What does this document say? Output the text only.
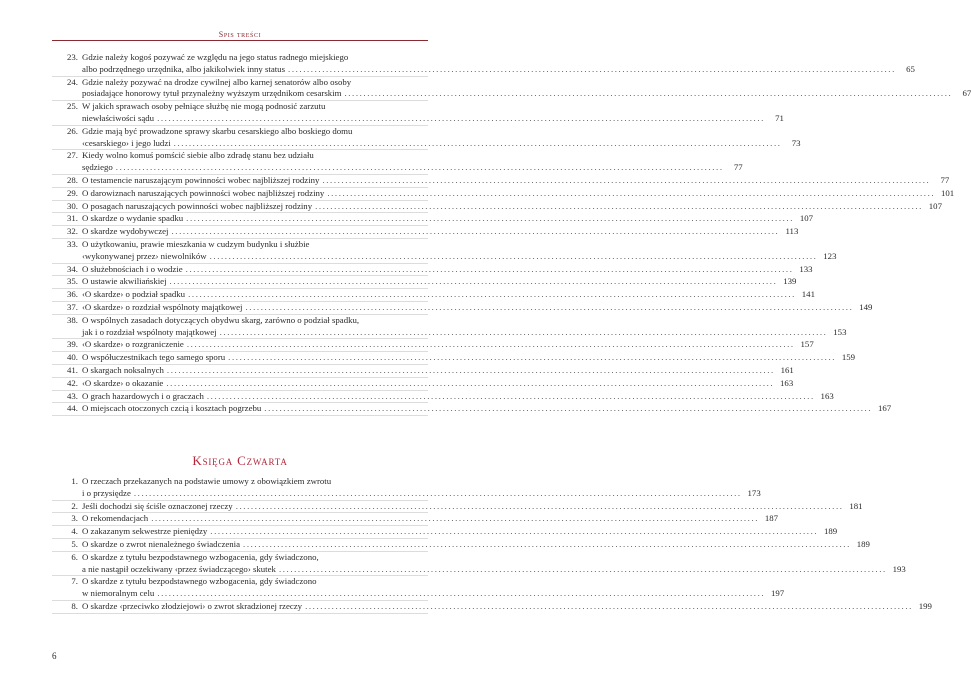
Spis treści
23. Gdzie należy kogoś pozywać ze względu na jego status radnego miejskiego
albo podrzędnego urzędnika, albo jakikolwiek inny status ................................................................................................................................................................	65
24. Gdzie należy pozywać na drodze cywilnej albo karnej senatorów albo osoby
posiadające honorowy tytuł przynależny wyższym urzędnikom cesarskim ................................................................................................................................................................	67
25. W jakich sprawach osoby pełniące służbę nie mogą podnosić zarzutu
niewłaściwości sądu ................................................................................................................................................................	71
26. Gdzie mają być prowadzone sprawy skarbu cesarskiego albo boskiego domu
‹cesarskiego› i jego ludzi ................................................................................................................................................................	73
27. Kiedy wolno komuś pomścić siebie albo zdradę stanu bez udziału
sędziego ................................................................................................................................................................	77
28. O testamencie naruszającym powinności wobec najbliższej rodziny ................................................................................................................................................................	77
29. O darowiznach naruszających powinności wobec najbliższej rodziny ................................................................................................................................................................ 101
30. O posagach naruszających powinności wobec najbliższej rodziny ................................................................................................................................................................ 107
31. O skardze o wydanie spadku ................................................................................................................................................................ 107
32. O skardze wydobywczej ................................................................................................................................................................ 113
33. O użytkowaniu, prawie mieszkania w cudzym budynku i służbie
‹wykonywanej przez› niewolników ................................................................................................................................................................ 123
34. O służebnościach i o wodzie ................................................................................................................................................................ 133
35. O ustawie akwiliańskiej ................................................................................................................................................................ 139
36. ‹O skardze› o podział spadku ................................................................................................................................................................ 141
37. ‹O skardze› o rozdział wspólnoty majątkowej ................................................................................................................................................................ 149
38. O wspólnych zasadach dotyczących obydwu skarg, zarówno o podział spadku,
jak i o rozdział wspólnoty majątkowej ................................................................................................................................................................ 153
39. ‹O skardze› o rozgraniczenie ................................................................................................................................................................ 157
40. O współuczestnikach tego samego sporu ................................................................................................................................................................ 159
41. O skargach noksalnych ................................................................................................................................................................ 161
42. ‹O skardze› o okazanie ................................................................................................................................................................ 163
43. O grach hazardowych i o graczach ................................................................................................................................................................ 163
44. O miejscach otoczonych czcią i kosztach pogrzebu ................................................................................................................................................................ 167
Księga Czwarta
1. O rzeczach przekazanych na podstawie umowy z obowiązkiem zwrotu
i o przysiędze ................................................................................................................................................................ 173
2. Jeśli dochodzi się ściśle oznaczonej rzeczy ................................................................................................................................................................ 181
3. O rekomendacjach ................................................................................................................................................................ 187
4. O zakazanym sekwestrze pieniędzy ................................................................................................................................................................ 189
5. O skardze o zwrot nienależnego świadczenia ................................................................................................................................................................ 189
6. O skardze z tytułu bezpodstawnego wzbogacenia, gdy świadczono,
a nie nastąpił oczekiwany ‹przez świadczącego› skutek ................................................................................................................................................................ 193
7. O skardze z tytułu bezpodstawnego wzbogacenia, gdy świadczono
w niemoralnym celu ................................................................................................................................................................ 197
8. O skardze ‹przeciwko złodziejowi› o zwrot skradzionej rzeczy ................................................................................................................................................................ 199
6
